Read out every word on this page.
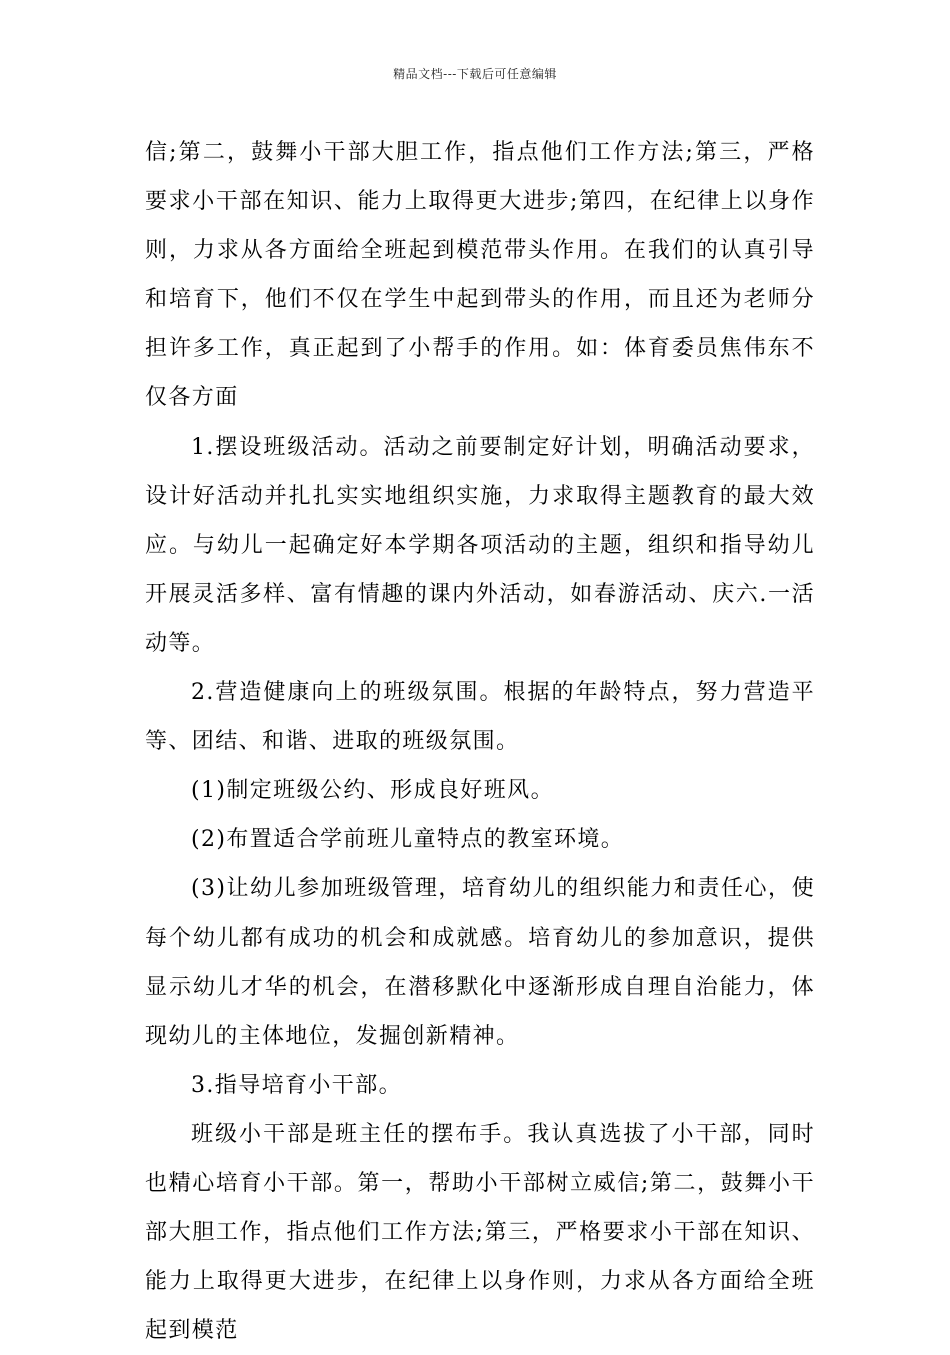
精品文档---下载后可任意编辑

信;第二，鼓舞小干部大胆工作，指点他们工作方法;第三，严格要求小干部在知识、能力上取得更大进步;第四，在纪律上以身作则，力求从各方面给全班起到模范带头作用。在我们的认真引导和培育下，他们不仅在学生中起到带头的作用，而且还为老师分担许多工作，真正起到了小帮手的作用。如：体育委员焦伟东不仅各方面

1.摆设班级活动。活动之前要制定好计划，明确活动要求，设计好活动并扎扎实实地组织实施，力求取得主题教育的最大效应。与幼儿一起确定好本学期各项活动的主题，组织和指导幼儿开展灵活多样、富有情趣的课内外活动，如春游活动、庆六.一活动等。

2.营造健康向上的班级氛围。根据的年龄特点，努力营造平等、团结、和谐、进取的班级氛围。

(1)制定班级公约、形成良好班风。

(2)布置适合学前班儿童特点的教室环境。

(3)让幼儿参加班级管理，培育幼儿的组织能力和责任心，使每个幼儿都有成功的机会和成就感。培育幼儿的参加意识，提供显示幼儿才华的机会，在潜移默化中逐渐形成自理自治能力，体现幼儿的主体地位，发掘创新精神。

3.指导培育小干部。

班级小干部是班主任的摆布手。我认真选拔了小干部，同时也精心培育小干部。第一，帮助小干部树立威信;第二，鼓舞小干部大胆工作，指点他们工作方法;第三，严格要求小干部在知识、能力上取得更大进步，在纪律上以身作则，力求从各方面给全班起到模范
